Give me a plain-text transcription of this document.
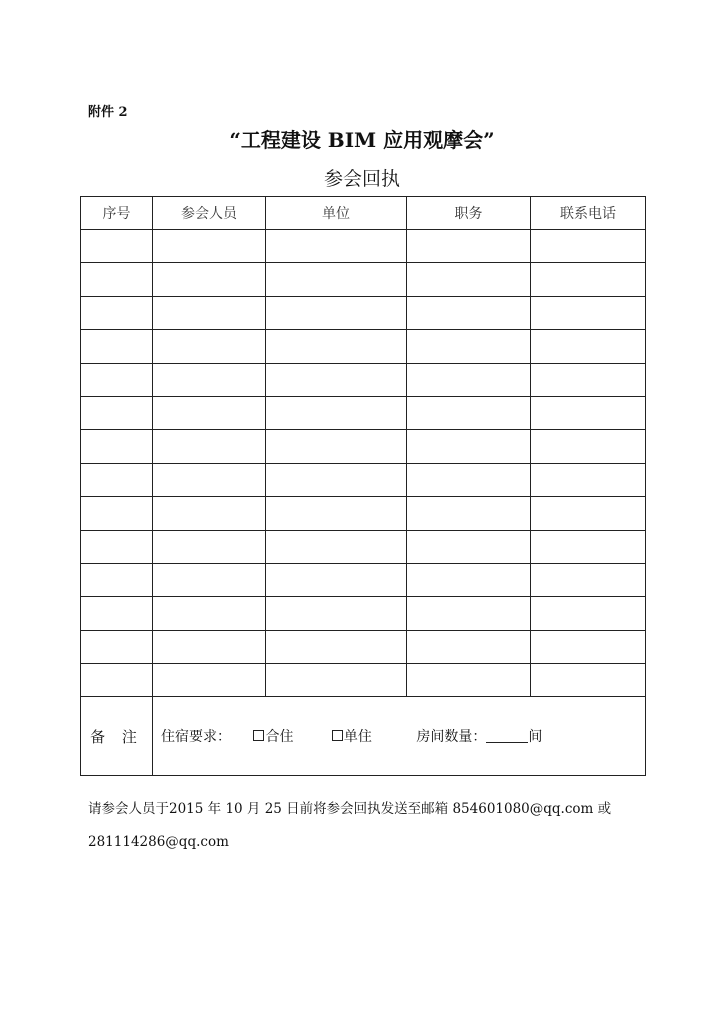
附件 2
“工程建设 BIM 应用观摩会”
参会回执
序号	参会人员	单位	职务	联系电话

备 注	住宿要求： 合住 单住 房间数量： 间			
请参会人员于2015 年 10 月 25 日前将参会回执发送至邮箱 854601080@qq.com 或
281114286@qq.com
